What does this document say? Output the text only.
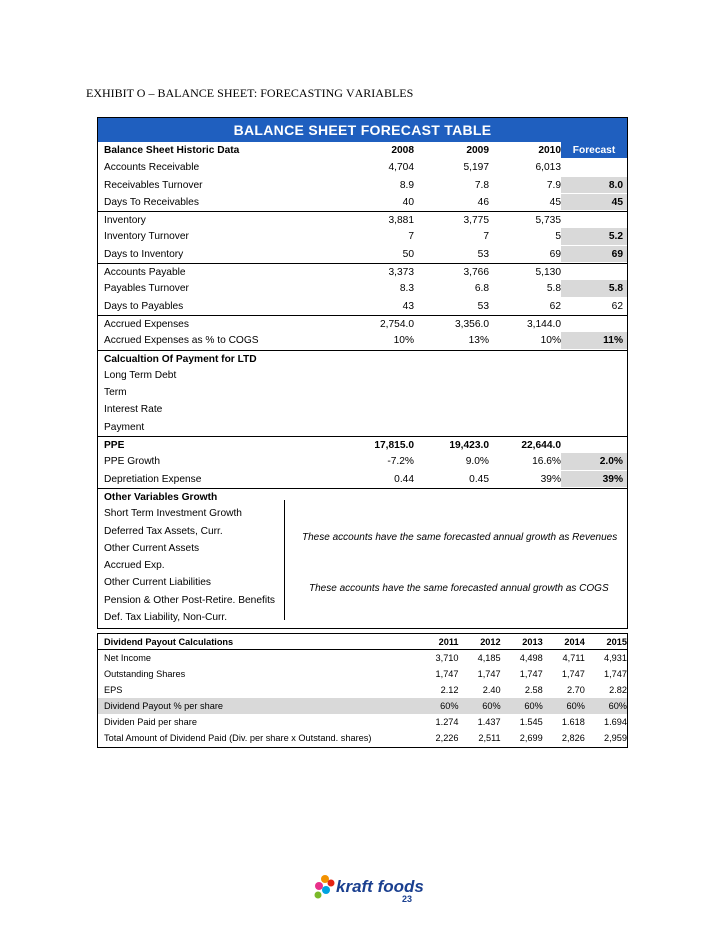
EXHIBIT O – BALANCE SHEET: FORECASTING VARIABLES
BALANCE SHEET FORECAST TABLE
Balance Sheet Historic Data	2008	2009	2010	Forecast 2011 - 2115
Accounts Receivable	4,704	5,197	6,013
Receivables Turnover	8.9	7.8	7.9	8.0
Days To Receivables	40	46	45	45
Inventory	3,881	3,775	5,735
Inventory Turnover	7	7	5	5.2
Days to Inventory	50	53	69	69
Accounts Payable	3,373	3,766	5,130
Payables Turnover	8.3	6.8	5.8	5.8
Days to Payables	43	53	62	62
Accrued Expenses	2,754.0	3,356.0	3,144.0
Accrued Expenses as % to COGS	10%	13%	10%	11%
Calcualtion Of Payment for LTD
Long Term Debt
Term
Interest Rate
Payment
PPE	17,815.0	19,423.0	22,644.0
PPE Growth	-7.2%	9.0%	16.6%	2.0%
Depretiation Expense	0.44	0.45	39%	39%
Other Variables Growth
Short Term Investment Growth
Deferred Tax Assets, Curr.
Other Current Assets
Accrued Exp.
Other Current Liabilities
Pension & Other Post-Retire. Benefits
Def. Tax Liability, Non-Curr.
These accounts have the same forecasted annual growth as Revenues
These accounts have the same forecasted annual growth as COGS
Dividend Payout Calculations	2011	2012	2013	2014	2015
Net Income	3,710	4,185	4,498	4,711	4,931
Outstanding Shares	1,747	1,747	1,747	1,747	1,747
EPS	2.12	2.40	2.58	2.70	2.82
Dividend Payout % per share	60%	60%	60%	60%	60%
Dividen Paid per share	1.274	1.437	1.545	1.618	1.694
Total Amount of Dividend Paid (Div. per share x Outstand. shares)	2,226	2,511	2,699	2,826	2,959
kraft foods
23
